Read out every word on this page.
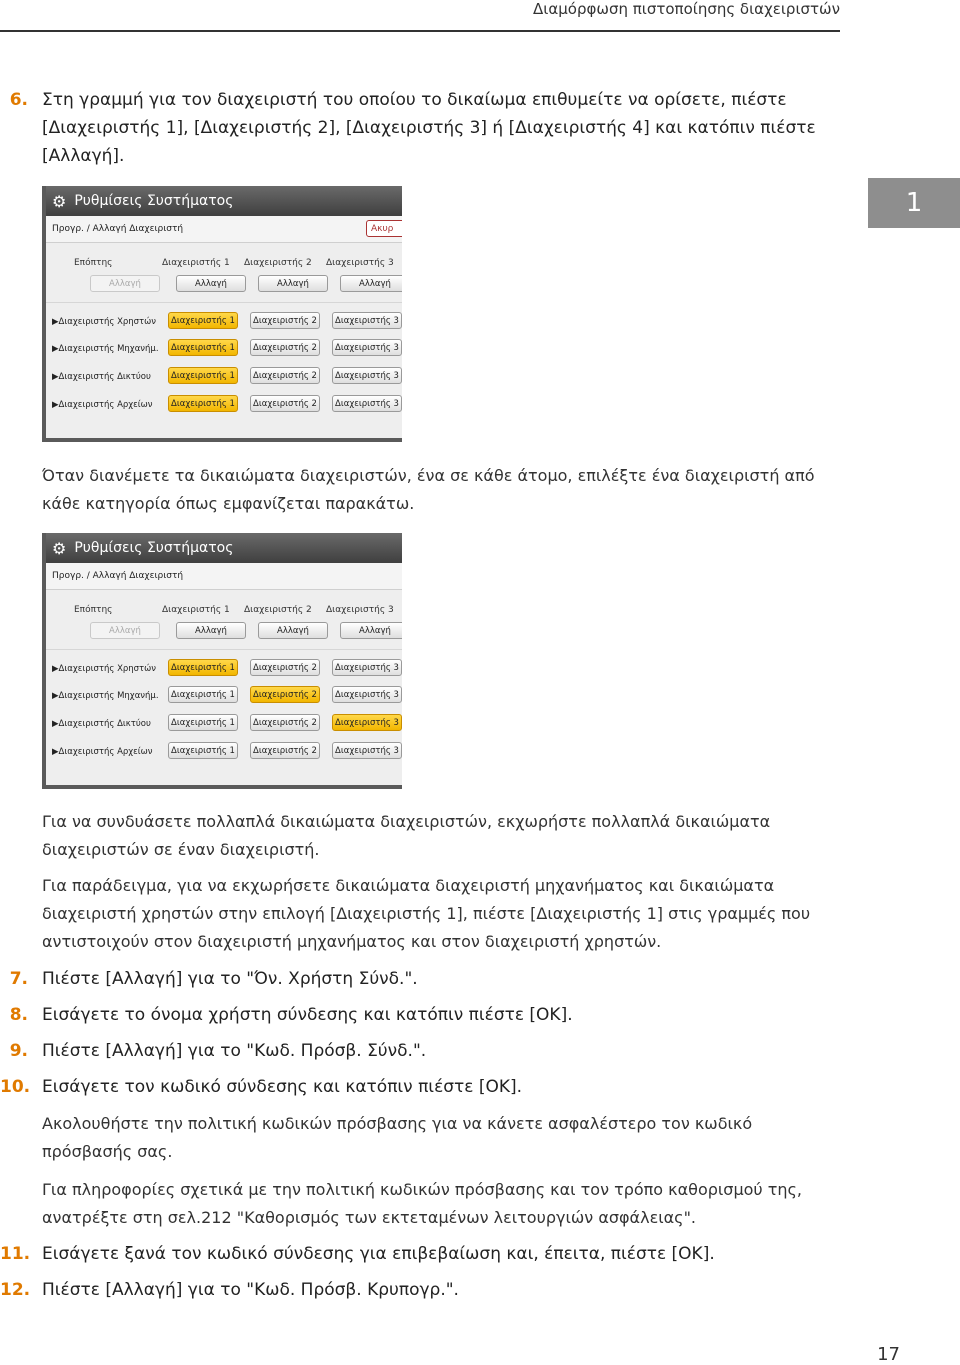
Διαμόρφωση πιστοποίησης διαχειριστών
1
6. Στη γραμμή για τον διαχειριστή του οποίου το δικαίωμα επιθυμείτε να ορίσετε, πιέστε [Διαχειριστής 1], [Διαχειριστής 2], [Διαχειριστής 3] ή [Διαχειριστής 4] και κατόπιν πιέστε [Αλλαγή].
⚙ Ρυθμίσεις Συστήματος
Προγρ. / Αλλαγή Διαχειριστή	Ακυρ
Επόπτης	Διαχειριστής 1 Διαχειριστής 2 Διαχειριστής 3
Αλλαγή	Αλλαγή	Αλλαγή	Αλλαγή
▶Διαχειριστής Χρηστών	Διαχειριστής 1	Διαχειριστής 2	Διαχειριστής 3
▶Διαχειριστής Μηχανήμ.	Διαχειριστής 1	Διαχειριστής 2	Διαχειριστής 3
▶Διαχειριστής Δικτύου	Διαχειριστής 1	Διαχειριστής 2	Διαχειριστής 3
▶Διαχειριστής Αρχείων	Διαχειριστής 1	Διαχειριστής 2	Διαχειριστής 3
Όταν διανέμετε τα δικαιώματα διαχειριστών, ένα σε κάθε άτομο, επιλέξτε ένα διαχειριστή από κάθε κατηγορία όπως εμφανίζεται παρακάτω.
⚙ Ρυθμίσεις Συστήματος
Προγρ. / Αλλαγή Διαχειριστή
Επόπτης	Διαχειριστής 1 Διαχειριστής 2 Διαχειριστής 3
Αλλαγή	Αλλαγή	Αλλαγή	Αλλαγή
▶Διαχειριστής Χρηστών	Διαχειριστής 1	Διαχειριστής 2	Διαχειριστής 3
▶Διαχειριστής Μηχανήμ.	Διαχειριστής 1	Διαχειριστής 2	Διαχειριστής 3
▶Διαχειριστής Δικτύου	Διαχειριστής 1	Διαχειριστής 2	Διαχειριστής 3
▶Διαχειριστής Αρχείων	Διαχειριστής 1	Διαχειριστής 2	Διαχειριστής 3
Για να συνδυάσετε πολλαπλά δικαιώματα διαχειριστών, εκχωρήστε πολλαπλά δικαιώματα διαχειριστών σε έναν διαχειριστή.
Για παράδειγμα, για να εκχωρήσετε δικαιώματα διαχειριστή μηχανήματος και δικαιώματα διαχειριστή χρηστών στην επιλογή [Διαχειριστής 1], πιέστε [Διαχειριστής 1] στις γραμμές που αντιστοιχούν στον διαχειριστή μηχανήματος και στον διαχειριστή χρηστών.
7. Πιέστε [Αλλαγή] για το "Όν. Χρήστη Σύνδ.".
8. Εισάγετε το όνομα χρήστη σύνδεσης και κατόπιν πιέστε [OK].
9. Πιέστε [Αλλαγή] για το "Κωδ. Πρόσβ. Σύνδ.".
10. Εισάγετε τον κωδικό σύνδεσης και κατόπιν πιέστε [OK].
Ακολουθήστε την πολιτική κωδικών πρόσβασης για να κάνετε ασφαλέστερο τον κωδικό πρόσβασής σας.
Για πληροφορίες σχετικά με την πολιτική κωδικών πρόσβασης και τον τρόπο καθορισμού της, ανατρέξτε στη σελ.212 "Καθορισμός των εκτεταμένων λειτουργιών ασφάλειας".
11. Εισάγετε ξανά τον κωδικό σύνδεσης για επιβεβαίωση και, έπειτα, πιέστε [OK].
12. Πιέστε [Αλλαγή] για το "Κωδ. Πρόσβ. Κρυπογρ.".
17
